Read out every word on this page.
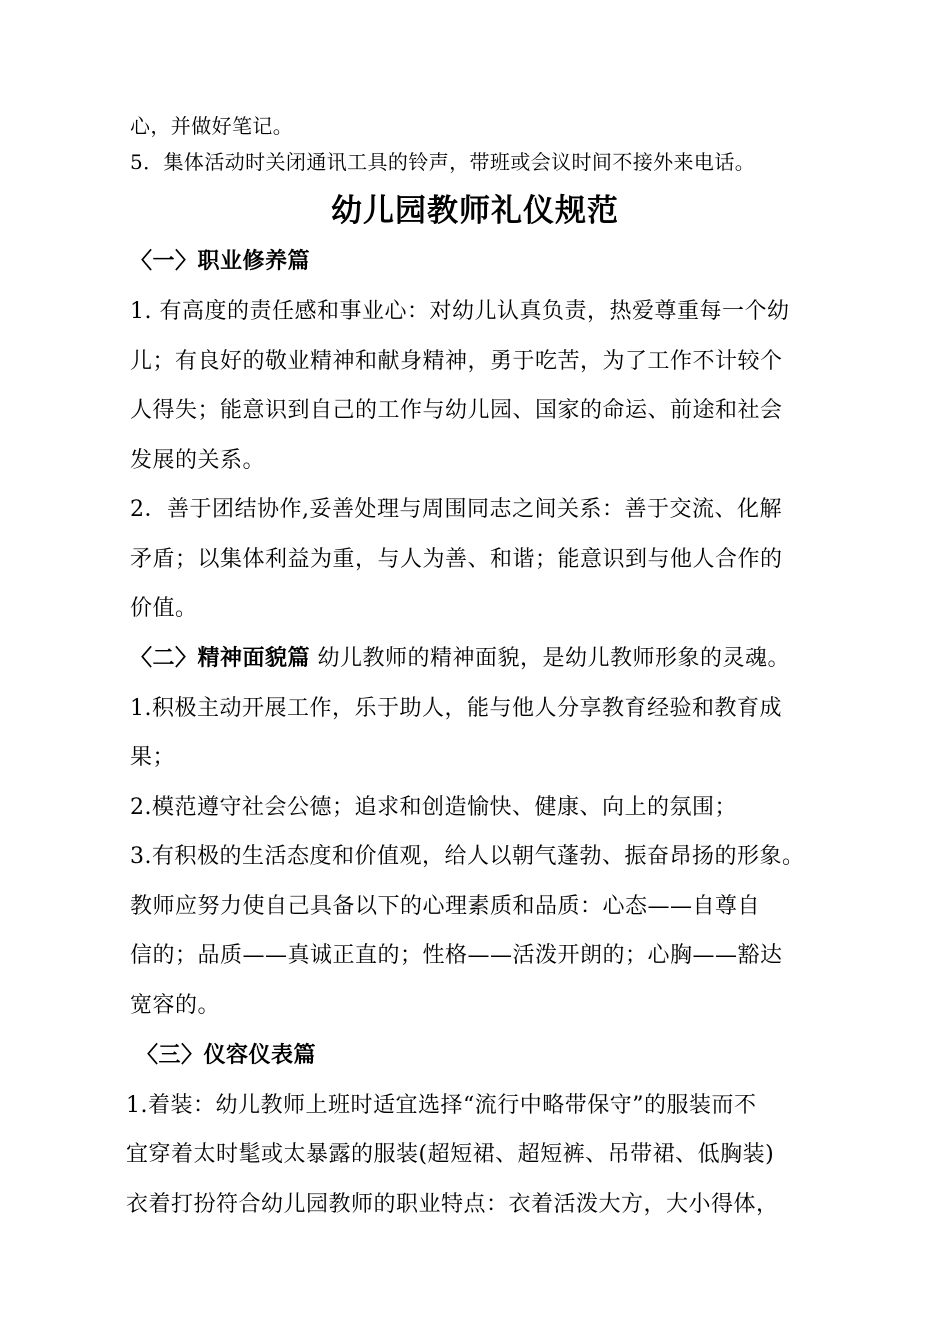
心，并做好笔记。
5．集体活动时关闭通讯工具的铃声，带班或会议时间不接外来电话。
幼儿园教师礼仪规范
〈一〉职业修养篇
1. 有高度的责任感和事业心：对幼儿认真负责，热爱尊重每一个幼
儿；有良好的敬业精神和献身精神，勇于吃苦，为了工作不计较个
人得失；能意识到自己的工作与幼儿园、国家的命运、前途和社会
发展的关系。
2．善于团结协作,妥善处理与周围同志之间关系：善于交流、化解
矛盾；以集体利益为重，与人为善、和谐；能意识到与他人合作的
价值。
〈二〉精神面貌篇 幼儿教师的精神面貌，是幼儿教师形象的灵魂。
1.积极主动开展工作，乐于助人，能与他人分享教育经验和教育成
果；
2.模范遵守社会公德；追求和创造愉快、健康、向上的氛围；
3.有积极的生活态度和价值观，给人以朝气蓬勃、振奋昂扬的形象。
教师应努力使自己具备以下的心理素质和品质：心态——自尊自
信的；品质——真诚正直的；性格——活泼开朗的；心胸——豁达
宽容的。
〈三〉仪容仪表篇
1.着装：幼儿教师上班时适宜选择“流行中略带保守”的服装而不
宜穿着太时髦或太暴露的服装(超短裙、超短裤、吊带裙、低胸装)
衣着打扮符合幼儿园教师的职业特点：衣着活泼大方，大小得体，
